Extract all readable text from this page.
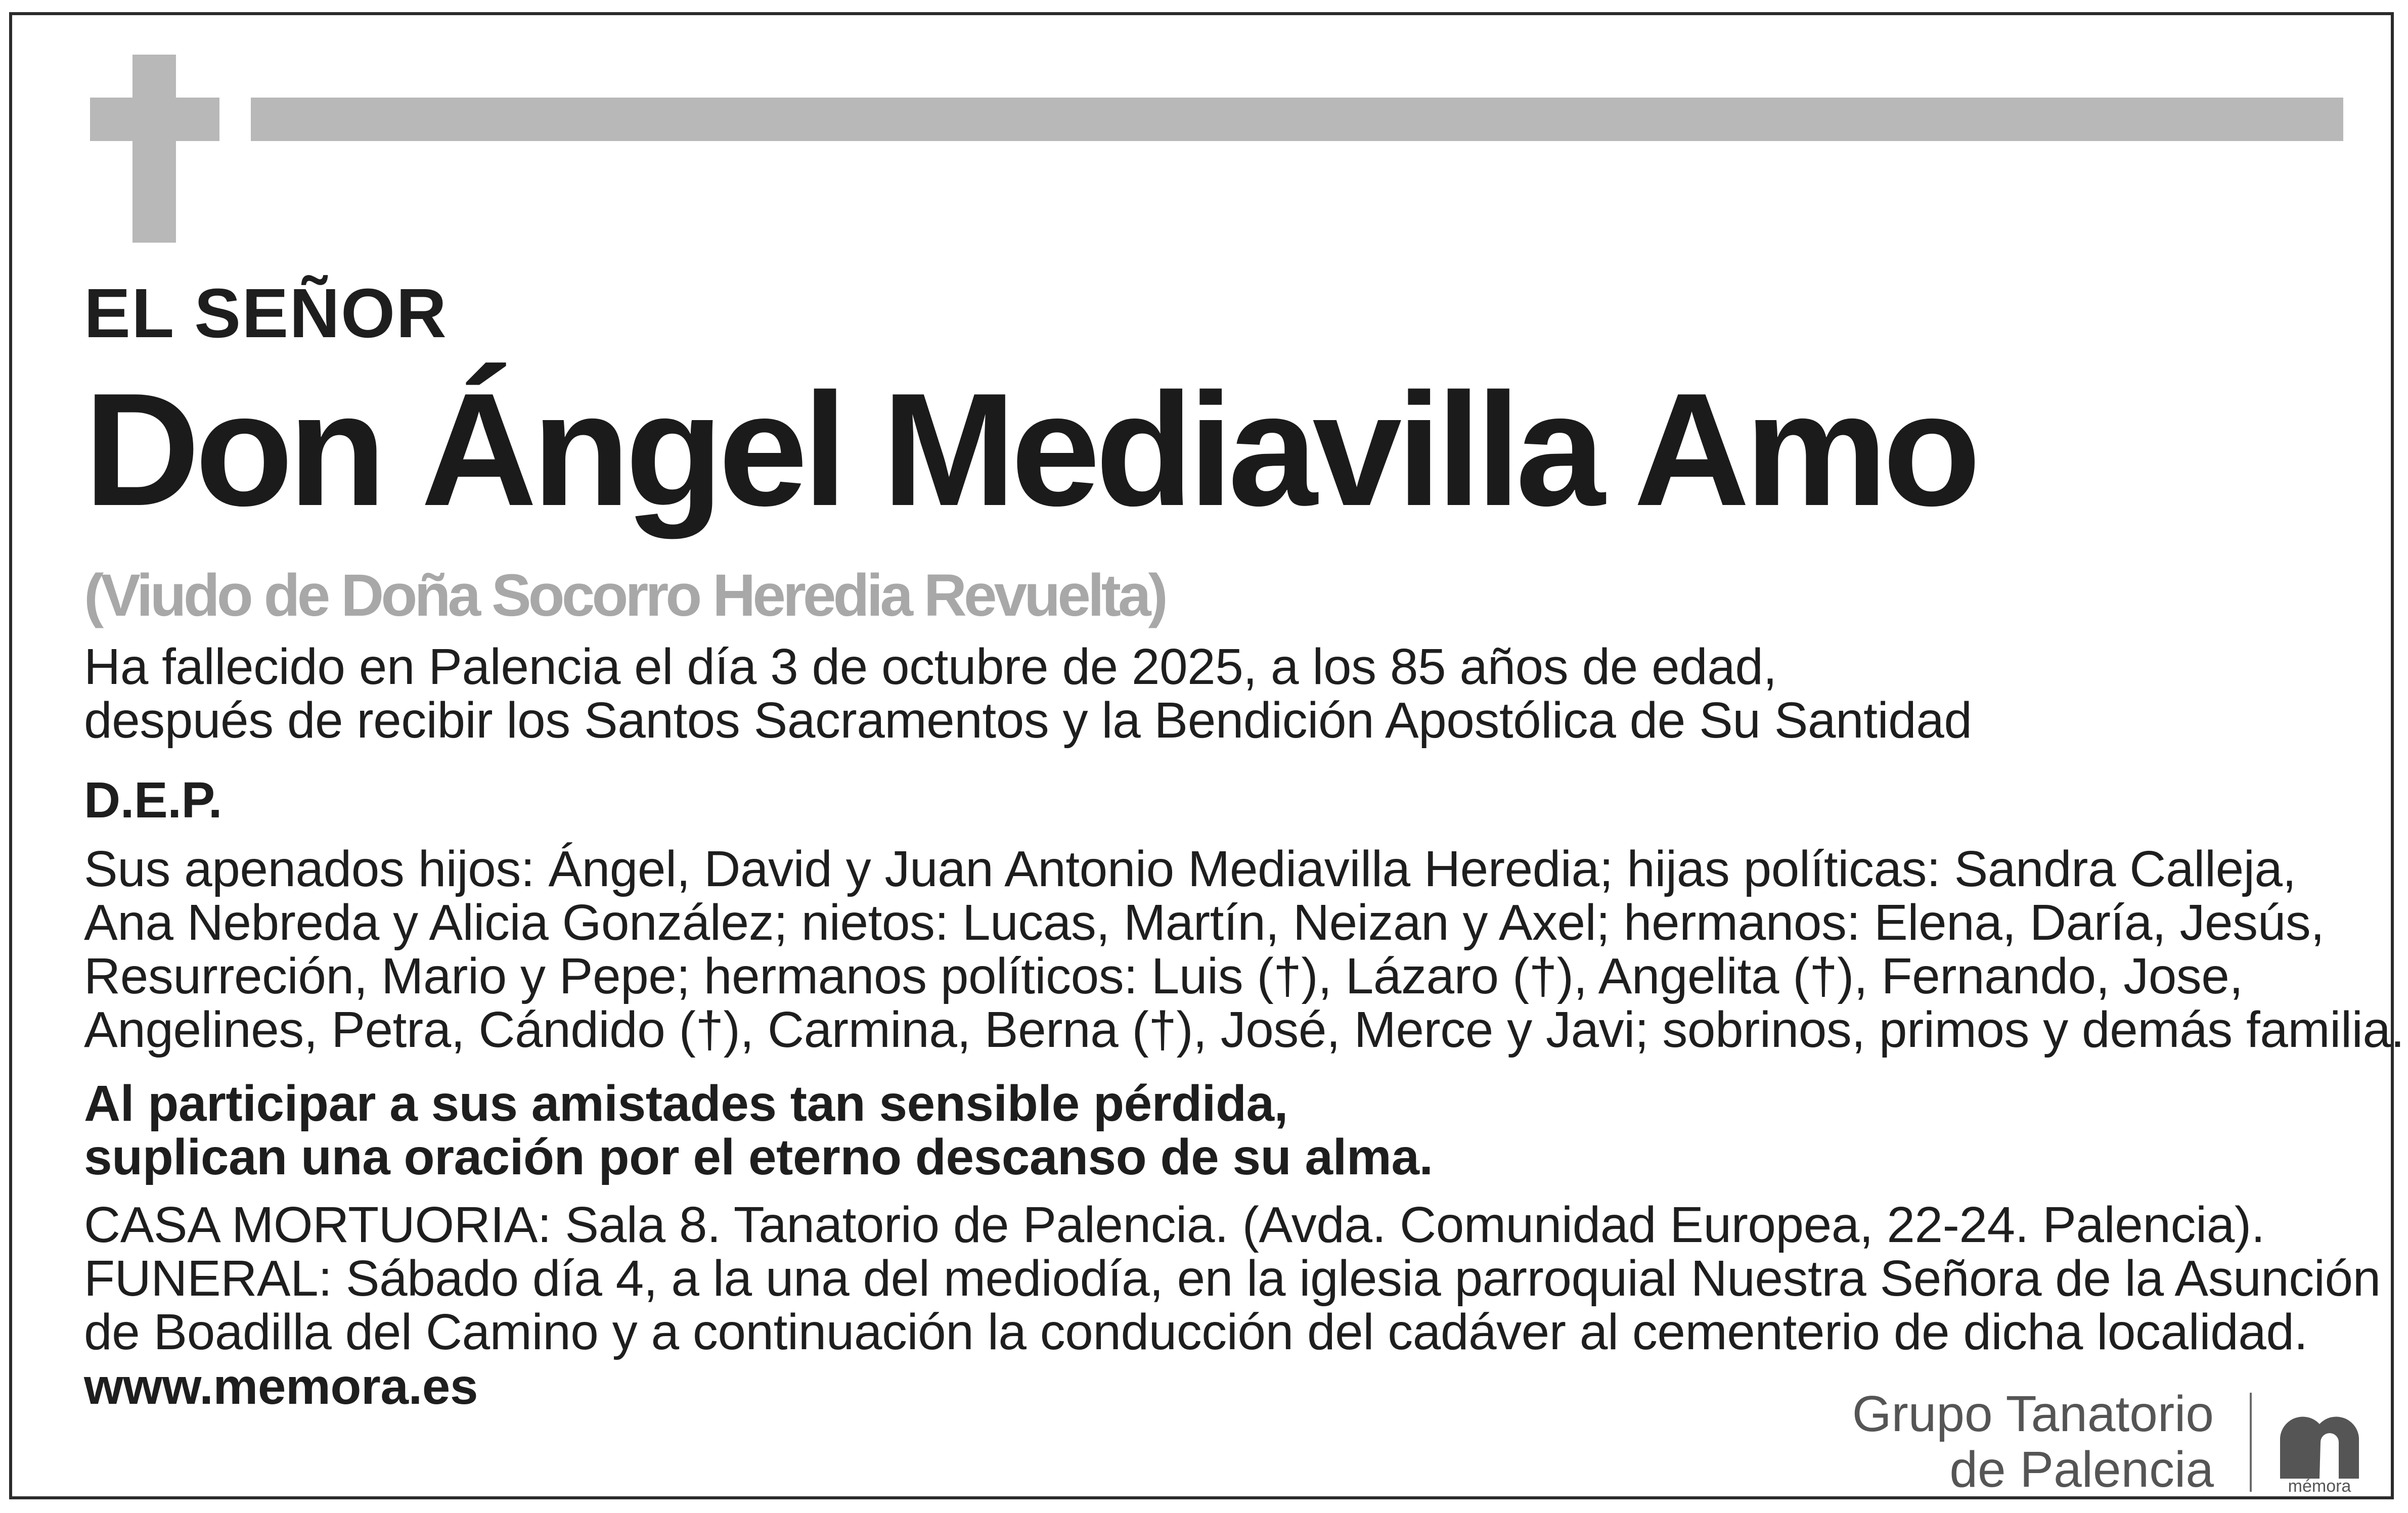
EL SEÑOR
Don Ángel Mediavilla Amo
(Viudo de Doña Socorro Heredia Revuelta)
Ha fallecido en Palencia el día 3 de octubre de 2025, a los 85 años de edad,
después de recibir los Santos Sacramentos y la Bendición Apostólica de Su Santidad
D.E.P.
Sus apenados hijos: Ángel, David y Juan Antonio Mediavilla Heredia; hijas políticas: Sandra Calleja,
Ana Nebreda y Alicia González; nietos: Lucas, Martín, Neizan y Axel; hermanos: Elena, Daría, Jesús,
Resurreción, Mario y Pepe; hermanos políticos: Luis (†), Lázaro (†), Angelita (†), Fernando, Jose,
Angelines, Petra, Cándido (†), Carmina, Berna (†), José, Merce y Javi; sobrinos, primos y demás familia.
Al participar a sus amistades tan sensible pérdida,
suplican una oración por el eterno descanso de su alma.
CASA MORTUORIA: Sala 8. Tanatorio de Palencia. (Avda. Comunidad Europea, 22-24. Palencia).
FUNERAL: Sábado día 4, a la una del mediodía, en la iglesia parroquial Nuestra Señora de la Asunción
de Boadilla del Camino y a continuación la conducción del cadáver al cementerio de dicha localidad.
www.memora.es	Grupo Tanatorio
de Palencia	mémora
